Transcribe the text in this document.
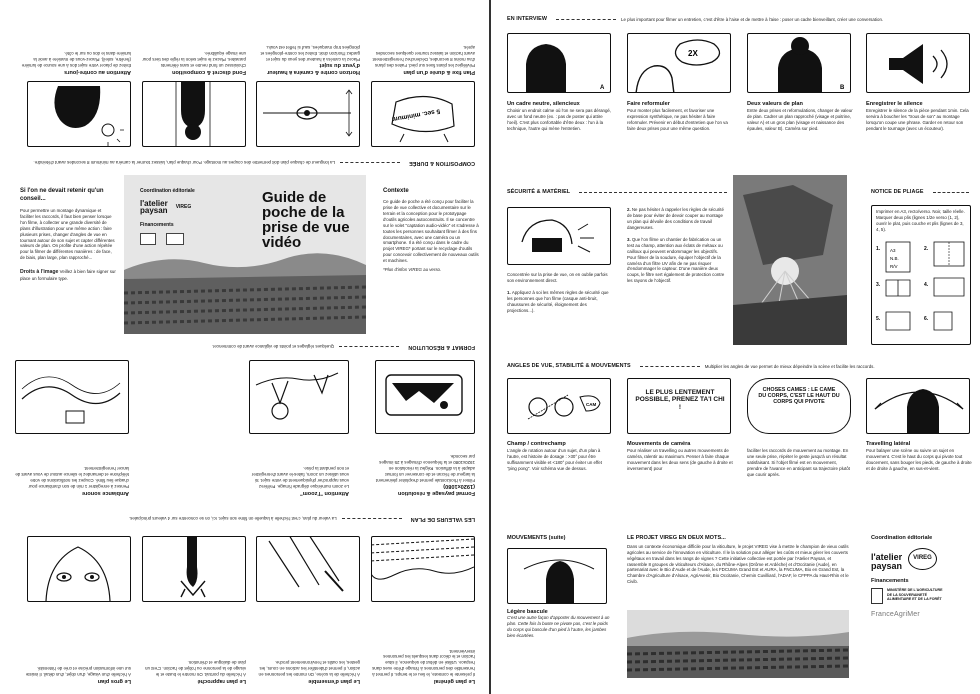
COMPOSITION & DURÉE
La longueur de chaque plan doit permettre des coupes au montage. Pour chaque plan, laissez tourner la caméra au minimum 8 secondes avant d'éteindre.
5 sec. minimum
Plan fixe & durée d'un plan
Privilégiez les plans fixes sur pied. Faites des plans d'au moins 8 secondes, Déclenchez l'enregistrement avant l'action et laissez tourner quelques secondes après.
Horizon contre & caméra à hauteur d'yeux du sujet
Placez la caméra à hauteur des yeux du sujet et gardez l'horizon droit. Évitez les contre-plongées et plongées trop marquées, sauf si l'effet est voulu.
Fond discret & composition
Choisissez un fond neutre et sans éléments parasites. Placez le sujet selon la règle des tiers pour une image équilibrée.
Attention au contre-jours
Évitez de placer votre sujet dos à une source de lumière (fenêtre, soleil). Placez-vous de manière à avoir la lumière dans le dos ou sur le côté.
Si l'on ne devait retenir qu'un conseil...
Pour permettre un montage dynamique et faciliter les raccords, il faut bien penser lorsque l'on filme, à collecter une grande diversité de plans d'illustration pour une même action : faire plusieurs prises, changer d'angles de vue en tournant autour de son sujet et capter différentes valeurs de plan. On profite d'une action répétée pour la filmer de différentes manières : de face, de biais, plan large, plan rapproché...
Droits à l'image Veillez à bien faire signer sur place un formulaire type.
Coordination éditoriale
l'atelier
paysan VIREG
Financements
Guide de poche de la prise de vue vidéo
Contexte
Ce guide de poche a été conçu pour faciliter la prise de vue collective et documentaire sur le terrain et la conception pour le prototypage d'outils agricoles autoconstruits. Il se concentre sur le volet "captation audio-vidéo" et s'adresse à toutes les personnes souhaitant filmer à des fins documentaires, avec une caméra ou un smartphone. Il a été conçu dans le cadre du projet VIREG* portant sur le recyclage d'outils pour concevoir collectivement de nouveaux outils et machines.
*Plus d'infos VIREG au verso.
FORMAT & RÉSOLUTION
Quelques réglages et points de vigilance avant de commencer.
Format paysage & résolution (1920x1080)
Filmer à l'horizontale permet d'exploiter pleinement la largeur de l'écran et de conserver un format adapté à la diffusion. Réglez la résolution en 1920x1080 et la fréquence d'images à 25 images par seconde.
Attention "l'zoom"
Le zoom numérique dégrade l'image. Préférez vous rapprocher physiquement de votre sujet. Si vous utilisez un zoom, faites-le avant d'enregistrer et non pendant la prise.
Ambiance sonore
Pensez à enregistrer 1 min de son d'ambiance pour chaque lieu filmé. Coupez les notifications de votre téléphone et demandez le silence autour de vous avant de lancer l'enregistrement.
LES VALEURS DE PLAN
La valeur du plan, c'est l'échelle à laquelle on filme son sujet. Ici, on se concentre sur 4 valeurs principales.
Le plan général
Il présente le contexte, le lieu et le temps. Il permet à l'ensemble des personnes à l'image d'être vues dans l'espace. Utilisé en début de séquence, il situe l'action et le décor dans lesquels les personnes interviennent.
Le plan d'ensemble
À l'échelle de la scène, On montre les personnes en action, Il permet d'identifier les actions en cours, les gestes, les outils et l'environnement proche.
Le plan rapproché
À l'échelle du portrait. On montre le buste et le visage de la personne ou l'objet de l'action. C'est un plan de dialogue et d'émotion.
Le gros plan
À l'échelle d'un visage, d'un objet, d'un détail. Il insiste sur une information précise et crée de l'intensité.
EN INTERVIEW	Le plus important pour filmer un entretien, c'est d'être à l'aise et de mettre à l'aise : poser un cadre bienveillant, créer une conversation.
A
2X
B
Un cadre neutre, silencieux
Choisir un endroit calme où l'on ne sera pas dérangé, avec un fond neutre (ex. : pas de poster qui attire l'oeil). C'est plus confortable d'être deux : l'un à la technique, l'autre qui mène l'entretien.
Faire reformuler
Pour monter plus facilement, et favoriser une expression synthétique, ne pas hésiter à faire reformuler. Prévenir en début d'entretien que l'on va faire deux prises pour une même question.
Deux valeurs de plan
Entre deux prises et reformulations, changer de valeur de plan. Cadrer un plan rapproché (visage et poitrine, valeur A) et un gros plan (visage et naissance des épaules, valeur B). Caméra sur pied.
Enregistrer le silence
Enregistrer le silence de la pièce pendant 1min. Cela servira à boucher les "trous de son" au montage lorsqu'on coupe une phrase. Garder en retour son pendant le tournage (avec un écouteur).
SÉCURITÉ & MATÉRIEL
Concentrée sur la prise de vue, on en oublie parfois son environnement direct.
1. Appliquez à soi les mêmes règles de sécurité que les personnes que l'on filme (casque anti-bruit, chaussures de sécurité, éloignement des projections...).
2. Ne pas hésiter à rappeler les règles de sécurité de base pour éviter de devoir couper au montage un plan qui dévoile des conditions de travail dangereuses.
3. Que l'on filme un chantier de fabrication ou un test au champ, attention aux éclats de métaux ou cailloux qui peuvent endommager les objectifs. Pour filmer de la soudure, équiper l'objectif de la caméra d'un filtre UV afin de ne pas risquer d'endommager le capteur. D'une manière deux coups, le filtre sert également de protection contre les rayons de l'objectif.
NOTICE DE PLIAGE
Imprimer en A3, recto/verso. Noir, taille réelle. Marquer deux plis (lignes 1/2e verso (1, 2), ouvrir le plat, puis couche et plis (lignes de 3, 4, 5).
1. A3
N.B.
R/V
2.
3.	4.
5.	6.
ANGLES DE VUE, STABILITÉ & MOUVEMENTS	Multiplier les angles de vue permet de mieux dépeindre la scène et facilite les raccords.
CAM
LE PLUS LENTEMENT POSSIBLE, PRENEZ TA'I CHI !
CHOSES CAMES : LE CAME DU CORPS, C'EST LE HAUT DU CORPS QUI PIVOTE
Champ / contrechamp
L'angle de rotation autour d'un sujet, d'un plan à l'autre, est histoire de dosage : >30° pour être suffisamment visible et <180° pour éviter un effet "ping pong". Voir schéma vue de dessus.
Mouvements de caméra
Pour réaliser un travelling ou autres mouvements de caméra, ralentir au maximum. Penser à faire chaque mouvement dans les deux sens (de gauche à droite et inversement) pour
faciliter les raccords de mouvement au montage. En une seule prise, répéter le geste jusqu'à un résultat satisfaisant. Si l'objet filmé est en mouvement, prendre de l'avance en anticipant sa trajectoire plutôt que courir après.
Travelling latéral
Pour balayer une scène ou suivre un sujet en mouvement. C'est le haut du corps qui pivote tout doucement, sans bouger les pieds, de gauche à droite et de droite à gauche, en sus-et-vient.
MOUVEMENTS (suite)
Légère bascule
C'est une autre façon d'apporter du mouvement à un plan. Cette fois la buste ne pivote pas, c'est le poids du corps qui bascule d'un pied à l'autre, les jambes bien écartées.
LE PROJET VIREG EN DEUX MOTS...
Dans un contexte économique difficile pour la viticulture, le projet VIREG vise à mettre le champion de vieux outils agricoles au service de l'innovation en viticulture. Il le la solution pour alléger les coûts et mieux gérer les couverts végétaux en travail dans les rangs de vignes ? Cette initiative collective est portée par l'Atelier Paysan, et rassemble 8 groupes de viticulteurs d'Alsace, du Rhône-Alpes (Drôme et Ardèche) et d'Occitanie (Aude), en partenariat avec le Bio d'Aude et de l'Aude, les FDCUMA Grand Est et AURA, la FNCUMA, Bio en Grand Est, la Chambre d'Agriculture d'Alsace, AgriAvenir, Bio Occitanie, Chemin Cuvilliard, l'ADAF, le CFPPA du Haut-Rhin et le Civib.
Coordination éditoriale
l'atelier
paysan
VIREG
Financements
MINISTÈRE DE L'AGRICULTURE DE LA SOUVERAINETÉ ALIMENTAIRE ET DE LA FORÊT
FranceAgriMer
